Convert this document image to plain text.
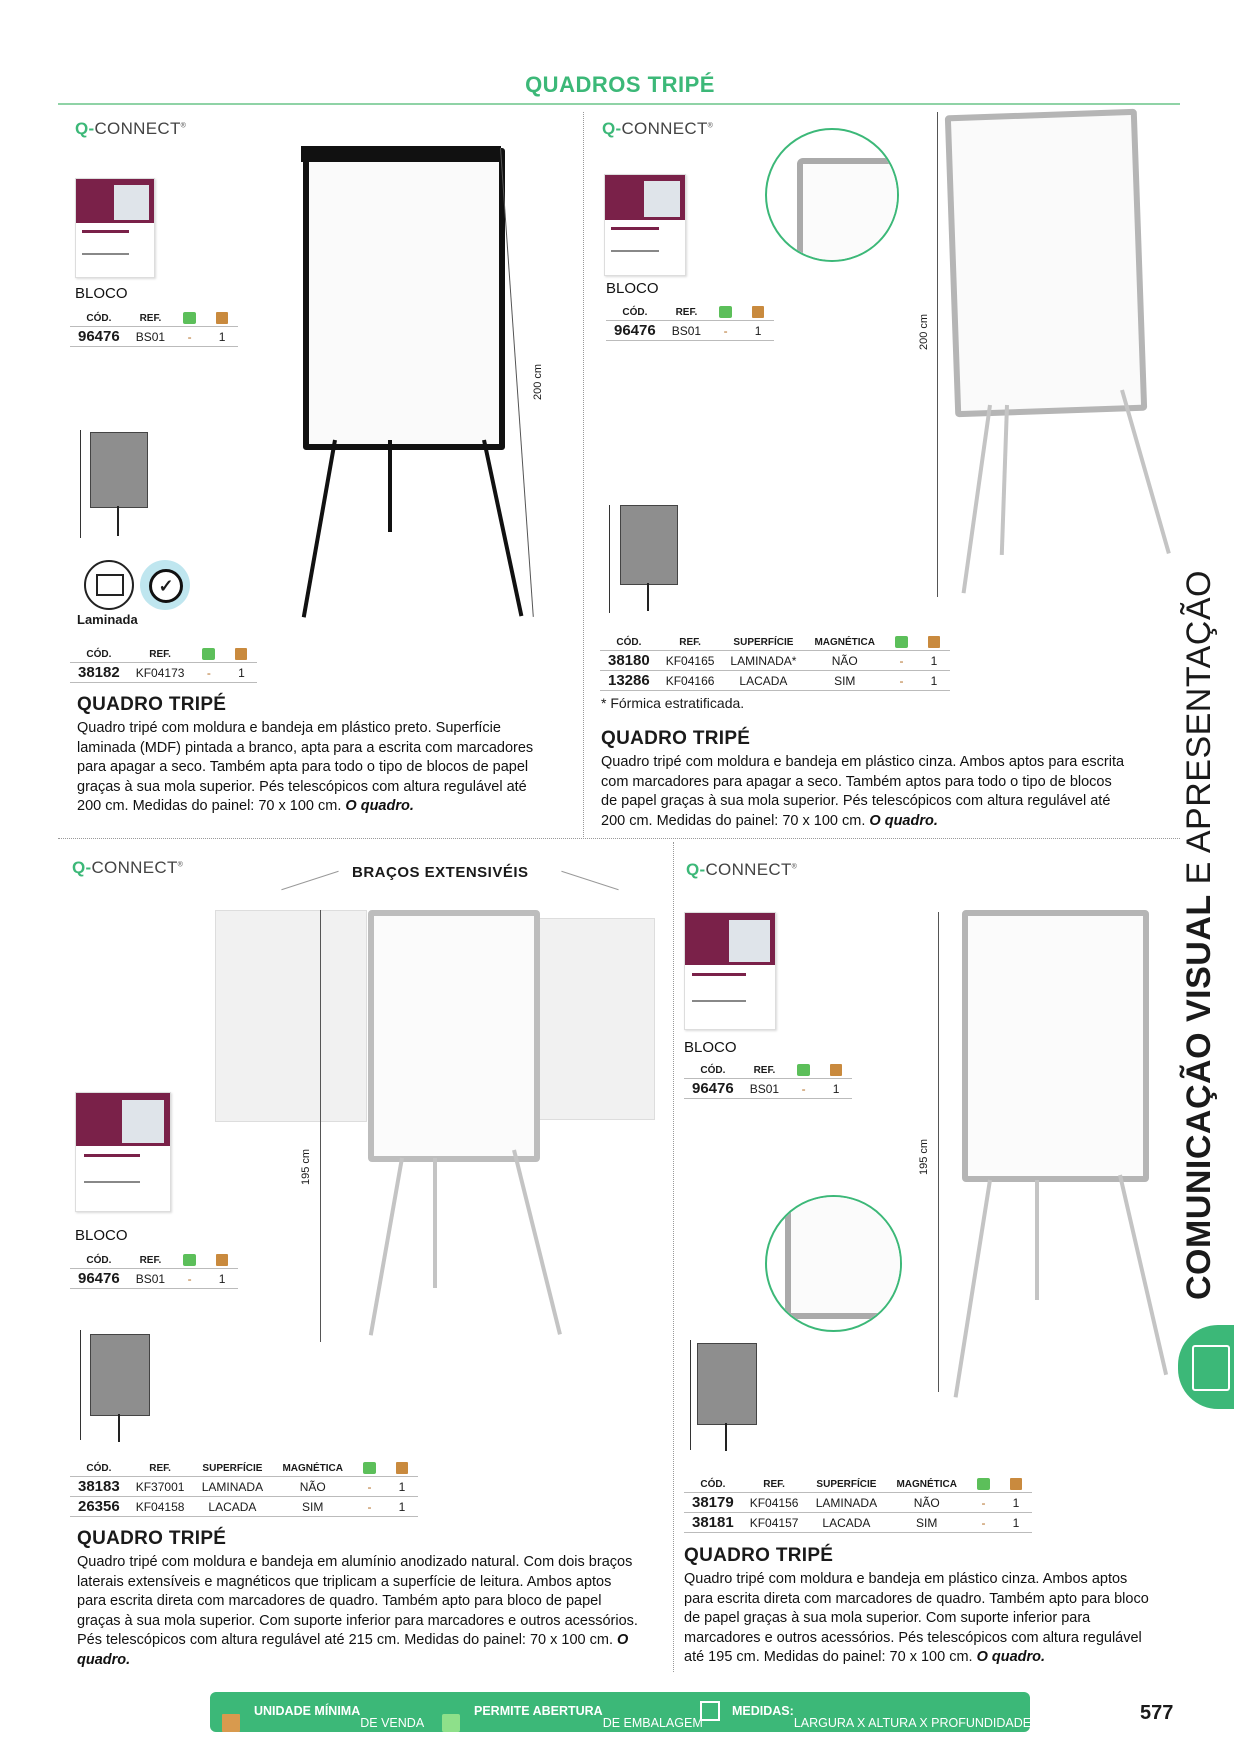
QUADROS TRIPÉ
Q-CONNECT®
BLOCO
CÓD.	REF.		
96476	BS01	-	1
✓
Laminada
200 cm
CÓD.	REF.		
38182	KF04173	-	1
QUADRO TRIPÉ
Quadro tripé com moldura e bandeja em plástico preto. Superfície laminada (MDF) pintada a branco, apta para a escrita com marcadores para apagar a seco. Também apta para todo o tipo de blocos de papel graças à sua mola superior. Pés telescópicos com altura regulável até 200 cm. Medidas do painel: 70 x 100 cm. O quadro.
Q-CONNECT®
BLOCO
CÓD.	REF.		
96476	BS01	-	1	200 cm
CÓD.	REF.	SUPERFÍCIE	MAGNÉTICA		
38180	KF04165	LAMINADA*	NÃO	-	1
13286	KF04166	LACADA	SIM	-	1
* Fórmica estratificada.
QUADRO TRIPÉ
Quadro tripé com moldura e bandeja em plástico cinza. Ambos aptos para escrita com marcadores para apagar a seco. Também aptos para todo o tipo de blocos de papel graças à sua mola superior. Pés telescópicos com altura regulável até 200 cm. Medidas do painel: 70 x 100 cm. O quadro.
Q-CONNECT®	BRAÇOS EXTENSIVÉIS
195 cm
BLOCO
CÓD.	REF.		
96476	BS01	-	1
CÓD.	REF.	SUPERFÍCIE	MAGNÉTICA		
38183	KF37001	LAMINADA	NÃO	-	1
26356	KF04158	LACADA	SIM	-	1
QUADRO TRIPÉ
Quadro tripé com moldura e bandeja em alumínio anodizado natural. Com dois braços laterais extensíveis e magnéticos que triplicam a superfície de leitura. Ambos aptos para escrita direta com marcadores de quadro. Também apto para bloco de papel graças à sua mola superior. Com suporte inferior para marcadores e outros acessórios. Pés telescópicos com altura regulável até 215 cm. Medidas do painel: 70 x 100 cm. O quadro.
Q-CONNECT®
BLOCO
CÓD.	REF.		
96476	BS01	-	1
195 cm
CÓD.	REF.	SUPERFÍCIE	MAGNÉTICA		
38179	KF04156	LAMINADA	NÃO	-	1
38181	KF04157	LACADA	SIM	-	1
QUADRO TRIPÉ
Quadro tripé com moldura e bandeja em plástico cinza. Ambos aptos para escrita direta com marcadores de quadro. Também apto para bloco de papel graças à sua mola superior. Com suporte inferior para marcadores e outros acessórios. Pés telescópicos com altura regulável até 195 cm. Medidas do painel: 70 x 100 cm. O quadro.
COMUNICAÇÃO VISUAL E APRESENTAÇÃO
UNIDADE MÍNIMA
DE VENDA
PERMITE ABERTURA
DE EMBALAGEM
MEDIDAS:
LARGURA X ALTURA X PROFUNDIDADE	577
